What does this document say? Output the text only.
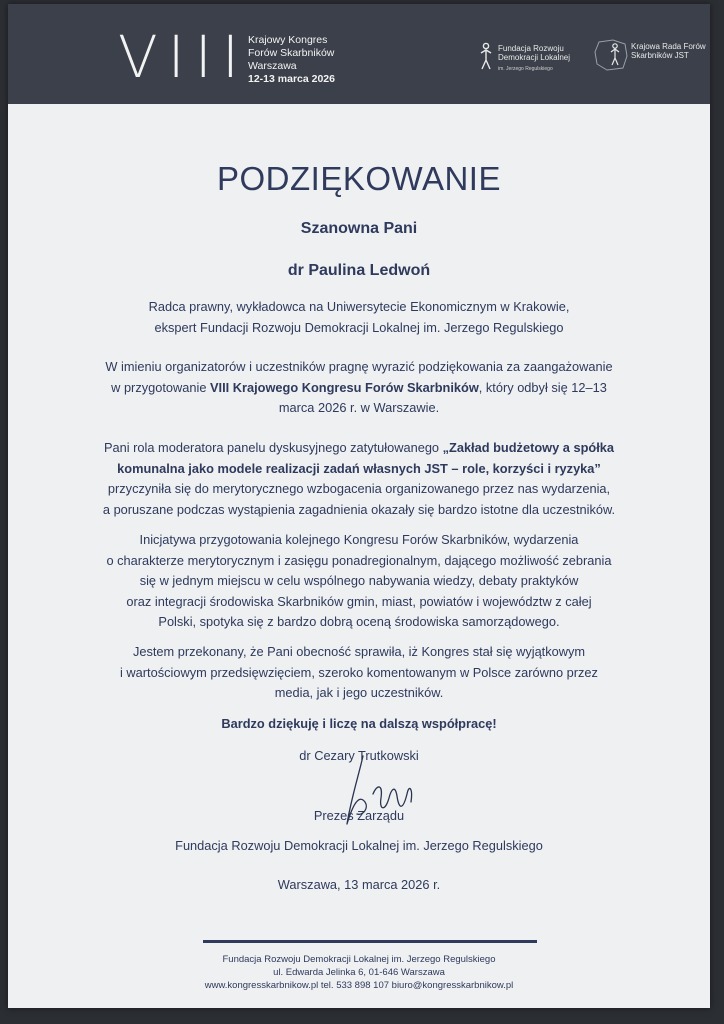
VIII Krajowy Kongres
Forów Skarbników
Warszawa
12-13 marca 2026
Fundacja Rozwoju
Demokracji Lokalnej
im. Jerzego Regulskiego
Krajowa Rada Forów
Skarbników JST
PODZIĘKOWANIE
Szanowna Pani
dr Paulina Ledwoń
Radca prawny, wykładowca na Uniwersytecie Ekonomicznym w Krakowie,
ekspert Fundacji Rozwoju Demokracji Lokalnej im. Jerzego Regulskiego
W imieniu organizatorów i uczestników pragnę wyrazić podziękowania za zaangażowanie
w przygotowanie VIII Krajowego Kongresu Forów Skarbników, który odbył się 12–13
marca 2026 r. w Warszawie.
Pani rola moderatora panelu dyskusyjnego zatytułowanego „Zakład budżetowy a spółka
komunalna jako modele realizacji zadań własnych JST – role, korzyści i ryzyka”
przyczyniła się do merytorycznego wzbogacenia organizowanego przez nas wydarzenia,
a poruszane podczas wystąpienia zagadnienia okazały się bardzo istotne dla uczestników.
Inicjatywa przygotowania kolejnego Kongresu Forów Skarbników, wydarzenia
o charakterze merytorycznym i zasięgu ponadregionalnym, dającego możliwość zebrania
się w jednym miejscu w celu wspólnego nabywania wiedzy, debaty praktyków
oraz integracji środowiska Skarbników gmin, miast, powiatów i województw z całej
Polski, spotyka się z bardzo dobrą oceną środowiska samorządowego.
Jestem przekonany, że Pani obecność sprawiła, iż Kongres stał się wyjątkowym
i wartościowym przedsięwzięciem, szeroko komentowanym w Polsce zarówno przez
media, jak i jego uczestników.
Bardzo dziękuję i liczę na dalszą współpracę!
dr Cezary Trutkowski
Prezes Zarządu
Fundacja Rozwoju Demokracji Lokalnej im. Jerzego Regulskiego
Warszawa, 13 marca 2026 r.
Fundacja Rozwoju Demokracji Lokalnej im. Jerzego Regulskiego
ul. Edwarda Jelinka 6, 01-646 Warszawa
www.kongresskarbnikow.pl tel. 533 898 107 biuro@kongresskarbnikow.pl
